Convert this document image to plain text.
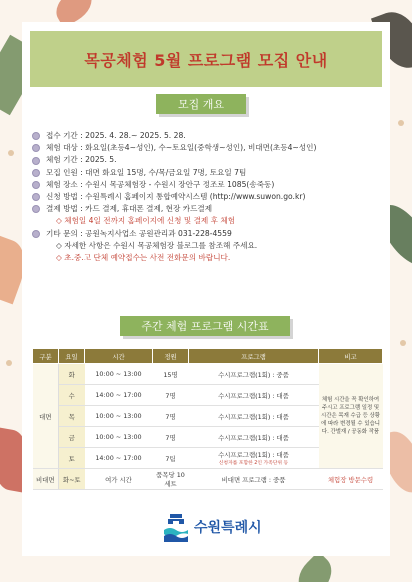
목공체험 5월 프로그램 모집 안내
모집 개요
접수 기간 : 2025. 4. 28.~ 2025. 5. 28.
체험 대상 : 화요일(초등4~성인), 수~토요일(중학생~성인), 비대면(초등4~성인)
체험 기간 : 2025. 5.
모집 인원 : 대면 화요일 15명, 수/목/금요일 7명, 토요일 7팀
체험 장소 : 수원시 목공체험장 - 수원시 장안구 정조로 1085(송죽동)
신청 방법 : 수원특례시 홈페이지 통합예약시스템 (http://www.suwon.go.kr)
결제 방법 : 카드 결제, 휴대폰 결제, 현장 카드결제
◇ 체험일 4일 전까지 홈페이지에 신청 및 결제 후 체험
기타 문의 : 공원녹지사업소 공원관리과 031-228-4559
◇ 자세한 사항은 수원시 목공체험장 블로그를 참조해 주세요.
◇ 초.중.고 단체 예약접수는 사전 전화문의 바랍니다.
주간 체험 프로그램 시간표
구분	요일	시간	정원	프로그램	비고
대면	화	10:00 ~ 13:00	15명	수시프로그램(1회) : 중품	체험 시간을 꼭 확인하여 주시고 프로그램 일정 및 시간은 목재 수급 등 상황에 따라 변경될 수 있습니다. 간벌재 / 공동화 작품
	수	14:00 ~ 17:00	7명	수시프로그램(1회) : 대품	
	목	10:00 ~ 13:00	7명	수시프로그램(1회) : 대품	
	금	10:00 ~ 13:00	7명	수시프로그램(1회) : 대품	
	토	14:00 ~ 17:00	7팀	수시프로그램(1회) : 대품
신청자를 포함한 2인 가족단위 등	

비대면	화~토	여가 시간	품목당 10세트	비대면 프로그램 : 중품	체험장 방문수령
수원특례시
